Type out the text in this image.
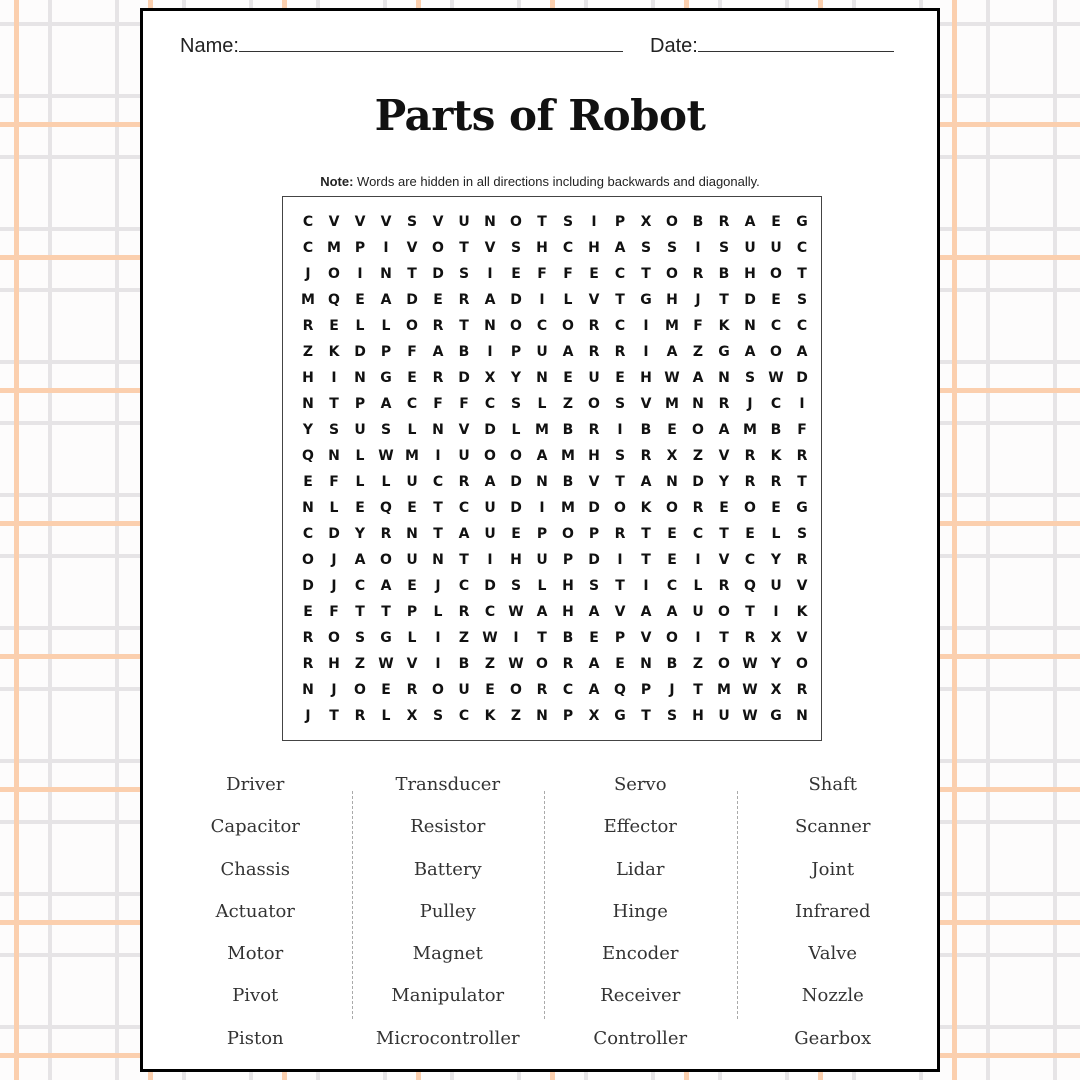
Name:	Date:
Parts of Robot
Note: Words are hidden in all directions including backwards and diagonally.
C	V	V	V	S	V	U	N	O	T	S	I	P	X	O	B	R	A	E	G
C M P	I	V	O	T	V	S	H	C	H	A	S	S	I	S	U	U	C
J	O	I	N	T	D	S	I	E	F	F	E	C	T	O	R	B	H	O	T
M Q	E	A	D	E	R	A	D	I	L	V	T	G	H	J	T	D	E	S
R	E	L	L	O	R	T	N	O	C	O	R	C	I	M	F	K	N	C	C
Z	K	D	P	F	A	B	I	P	U	A	R	R	I	A	Z	G	A	O	A
H	I	N	G	E	R	D	X	Y	N	E	U	E	H W A	N	S W D
N	T	P	A	C	F	F	C	S	L	Z	O	S	V M N	R	J	C	I
Y	S	U	S	L	N	V	D	L	M B	R	I	B	E	O	A M B	F
Q	N	L W M	I	U	O	O	A M H	S	R	X	Z	V	R	K	R
E	F	L	L	U	C	R	A	D	N	B	V	T	A	N	D	Y	R	R	T
N	L	E	Q	E	T	C	U	D	I	M D	O	K	O	R	E	O	E	G
C	D	Y	R	N	T	A	U	E	P	O	P	R	T	E	C	T	E	L	S
O	J	A	O	U	N	T	I	H	U	P	D	I	T	E	I	V	C	Y	R
D	J	C	A	E	J	C	D	S	L	H	S	T	I	C	L	R	Q	U	V
E	F	T	T	P	L	R	C W A	H	A	V	A	A	U	O	T	I	K
R	O	S	G	L	I	Z W	I	T	B	E	P	V	O	I	T	R	X	V
R	H	Z W V	I	B	Z W O	R	A	E	N	B	Z	O W Y	O
N	J	O	E	R	O	U	E	O	R	C	A	Q	P	J	T	M W X	R
J	T	R	L	X	S	C	K	Z	N	P	X	G	T	S	H	U W G	N
Driver
Capacitor
Chassis
Actuator
Motor
Pivot
Piston
Transducer
Resistor
Battery
Pulley
Magnet
Manipulator
Microcontroller
Servo
Effector
Lidar
Hinge
Encoder
Receiver
Controller
Shaft
Scanner
Joint
Infrared
Valve
Nozzle
Gearbox
